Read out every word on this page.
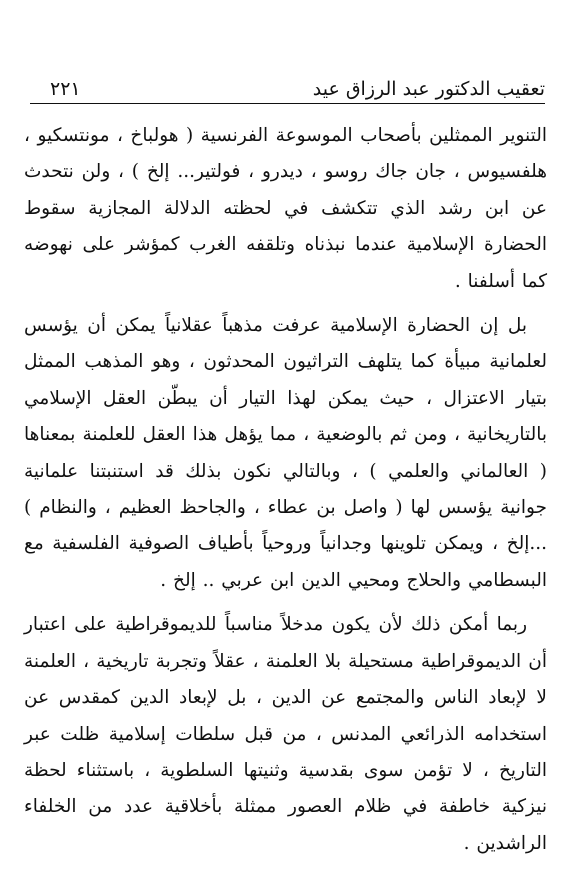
تعقيب الدكتور عبد الرزاق عيد
٢٢١

التنوير الممثلين بأصحاب الموسوعة الفرنسية ( هولباخ ، مونتسكيو ، هلفسيوس ، جان جاك روسو ، ديدرو ، فولتير... إلخ ) ، ولن نتحدث عن ابن رشد الذي تتكشف في لحظته الدلالة المجازية سقوط الحضارة الإسلامية عندما نبذناه وتلقفه الغرب كمؤشر على نهوضه كما أسلفنا .

بل إن الحضارة الإسلامية عرفت مذهباً عقلانياً يمكن أن يؤسس لعلمانية مبيأة كما يتلهف التراثيون المحدثون ، وهو المذهب الممثل بتيار الاعتزال ، حيث يمكن لهذا التيار أن يبطّن العقل الإسلامي بالتاريخانية ، ومن ثم بالوضعية ، مما يؤهل هذا العقل للعلمنة بمعناها ( العالماني والعلمي ) ، وبالتالي نكون بذلك قد استنبتنا علمانية جوانية يؤسس لها ( واصل بن عطاء ، والجاحظ العظيم ، والنظام ) ...إلخ ، ويمكن تلوينها وجدانياً وروحياً بأطياف الصوفية الفلسفية مع البسطامي والحلاج ومحيي الدين ابن عربي .. إلخ .

ربما أمكن ذلك لأن يكون مدخلاً مناسباً للديموقراطية على اعتبار أن الديموقراطية مستحيلة بلا العلمنة ، عقلاً وتجربة تاريخية ، العلمنة لا لإبعاد الناس والمجتمع عن الدين ، بل لإبعاد الدين كمقدس عن استخدامه الذرائعي المدنس ، من قبل سلطات إسلامية ظلت عبر التاريخ ، لا تؤمن سوى بقدسية وثنيتها السلطوية ، باستثناء لحظة نيزكية خاطفة في ظلام العصور ممثلة بأخلاقية عدد من الخلفاء الراشدين .
